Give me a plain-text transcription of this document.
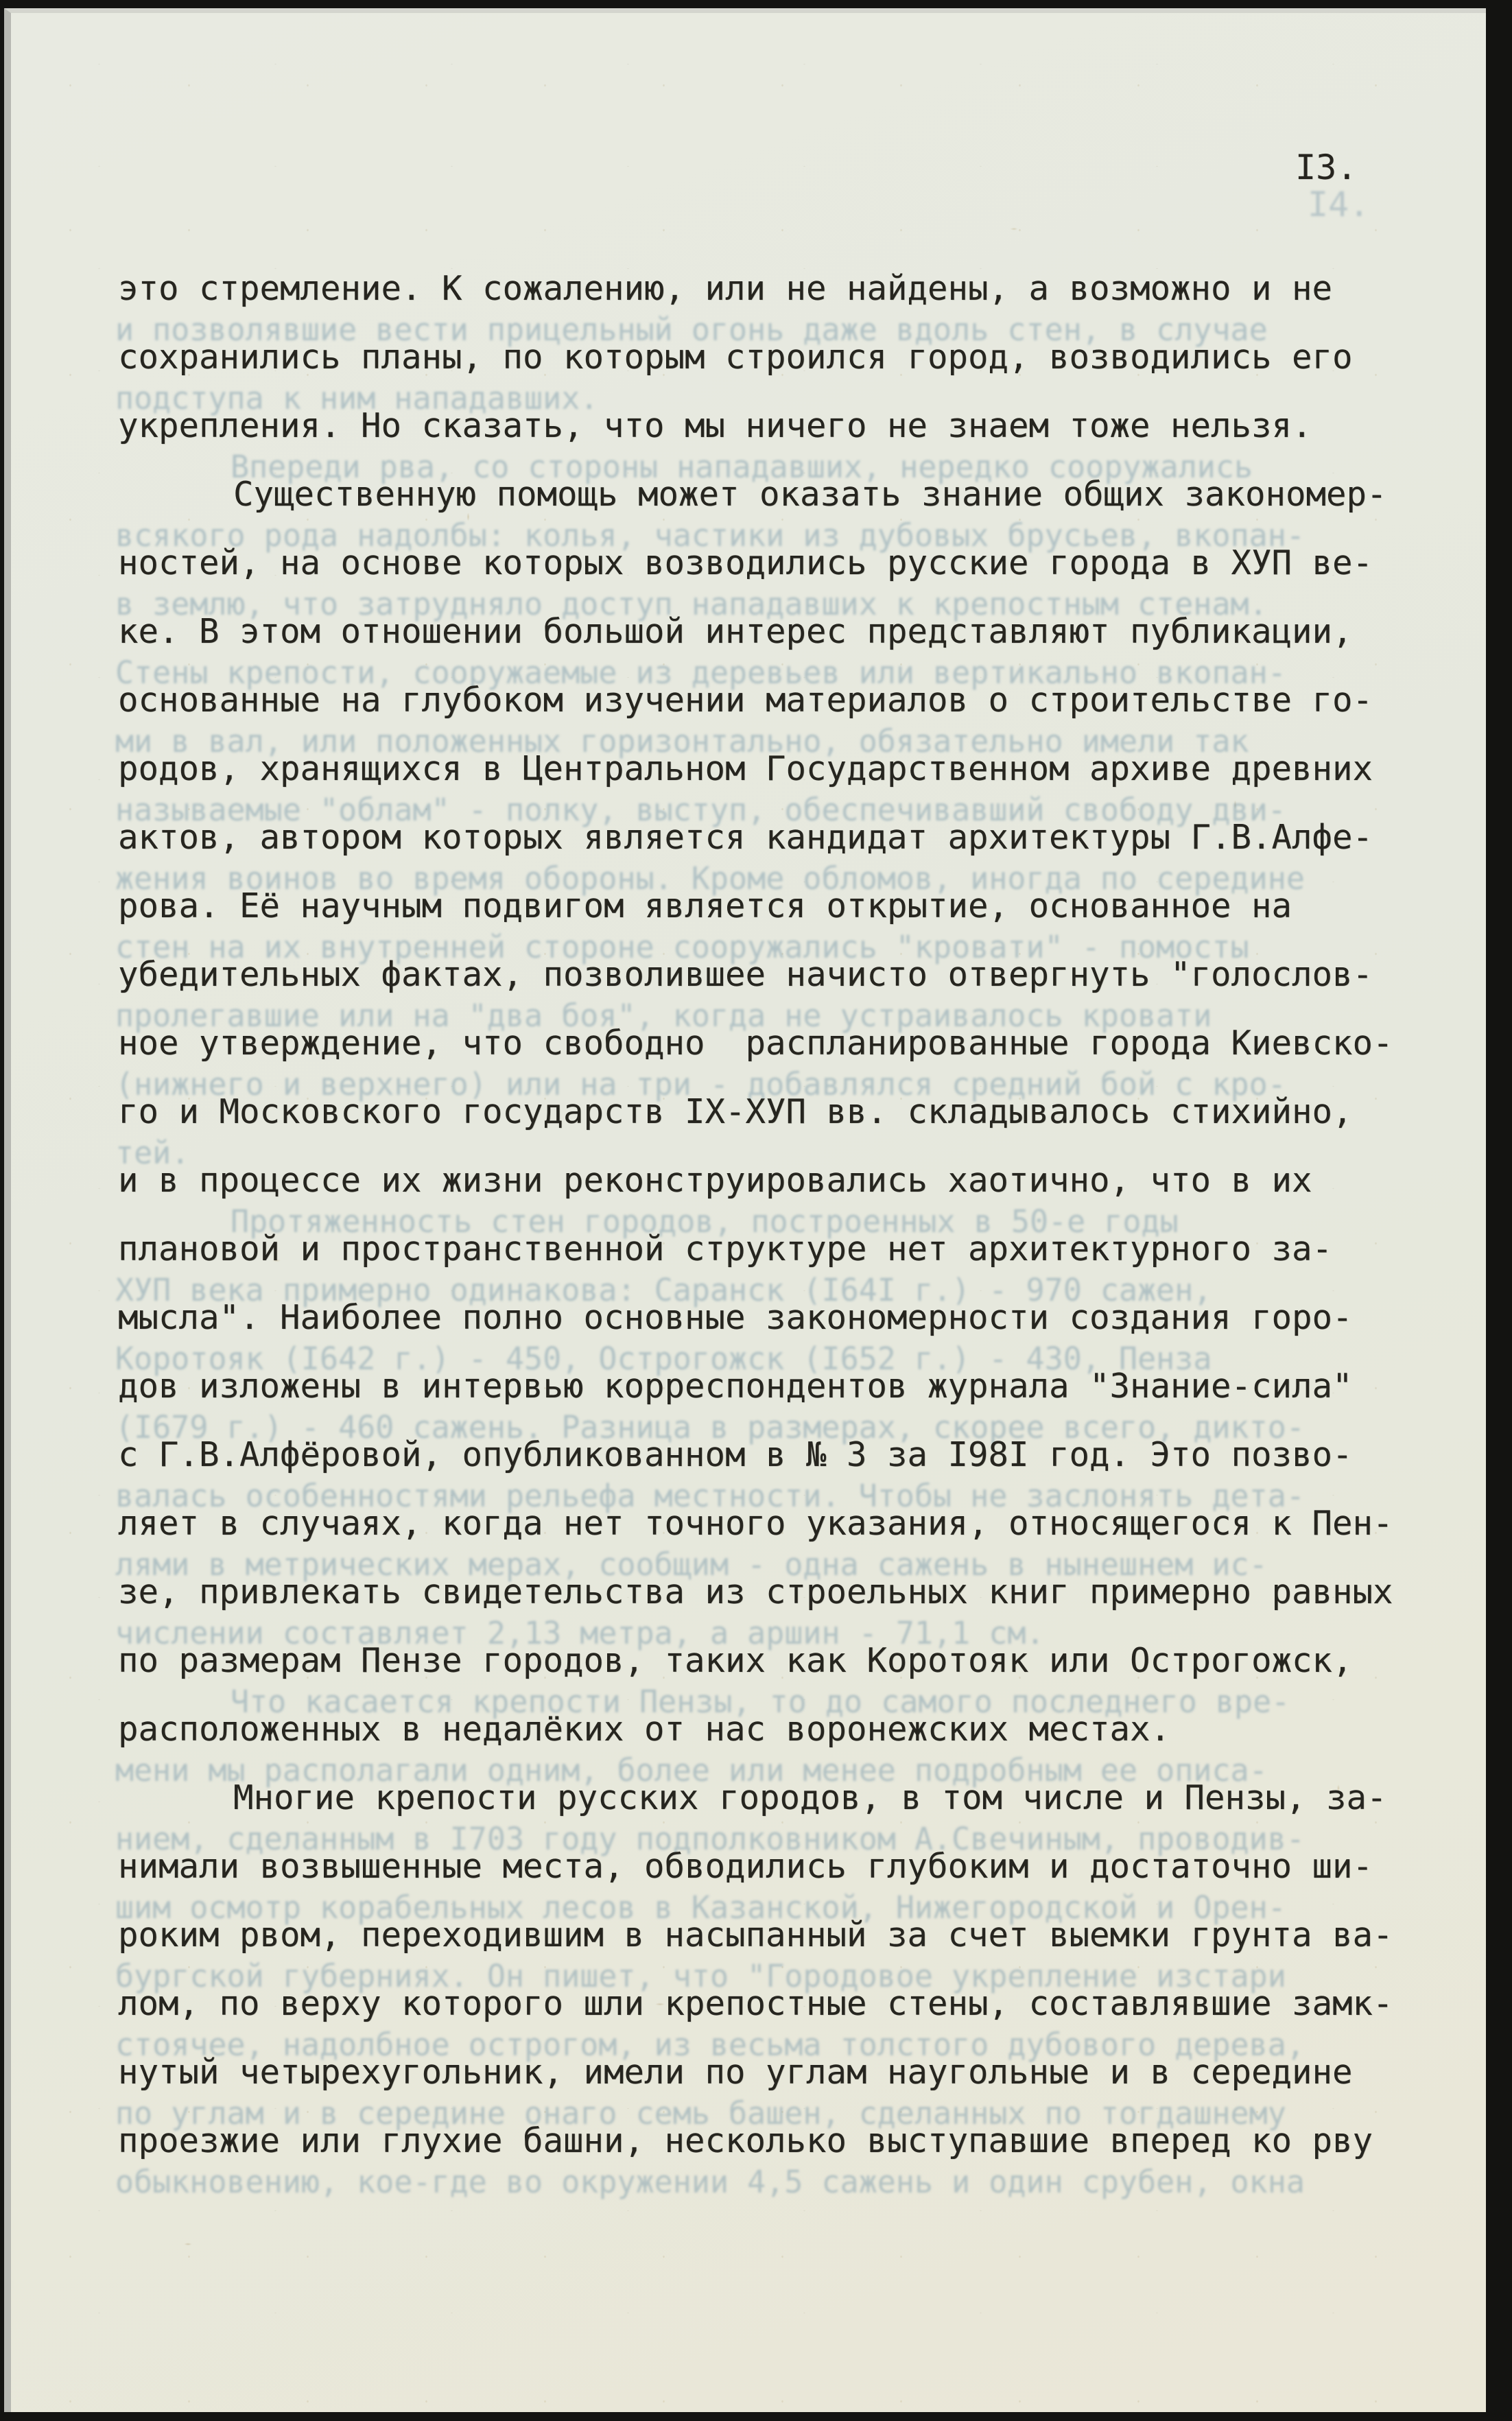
и позволявшие вести прицельный огонь даже вдоль стен, в случае
подступа к ним нападавших.
Впереди рва, со стороны нападавших, нередко сооружались
всякого рода надолбы: колья, частики из дубовых брусьев, вкопан-
в землю, что затрудняло доступ нападавших к крепостным стенам.
Стены крепости, сооружаемые из деревьев или вертикально вкопан-
ми в вал, или положенных горизонтально, обязательно имели так
называемые "облам" - полку, выступ, обеспечивавший свободу дви-
жения воинов во время обороны. Кроме обломов, иногда по середине
стен на их внутренней стороне сооружались "кровати" - помосты
пролегавшие или на "два боя", когда не устраивалось кровати
(нижнего и верхнего) или на три - добавлялся средний бой с кро-
тей.
Протяженность стен городов, построенных в 50-е годы
ХУП века примерно одинакова: Саранск (I64I г.) - 970 сажен,
Коротояк (I642 г.) - 450, Острогожск (I652 г.) - 430, Пенза
(I679 г.) - 460 сажень. Разница в размерах, скорее всего, дикто-
валась особенностями рельефа местности. Чтобы не заслонять дета-
лями в метрических мерах, сообщим - одна сажень в нынешнем ис-
числении составляет 2,13 метра, а аршин - 71,1 см.
Что касается крепости Пензы, то до самого последнего вре-
мени мы располагали одним, более или менее подробным ее описа-
нием, сделанным в I703 году подполковником А.Свечиным, проводив-
шим осмотр корабельных лесов в Казанской, Нижегородской и Орен-
бургской губерниях. Он пишет, что "Городовое укрепление изстари
стоячее, надолбное острогом, из весьма толстого дубового дерева,
по углам и в середине онаго семь башен, сделанных по тогдашнему
обыкновению, кое-где во окружении 4,5 сажень и один срубен, окна
I4.
I3.
это стремление. К сожалению, или не найдены, а возможно и не
сохранились планы, по которым строился город, возводились его
укрепления. Но сказать, что мы ничего не знаем тоже нельзя.
Существенную помощь может оказать знание общих закономер-
ностей, на основе которых возводились русские города в ХУП ве-
ке. В этом отношении большой интерес представляют публикации,
основанные на глубоком изучении материалов о строительстве го-
родов, хранящихся в Центральном Государственном архиве древних
актов, автором которых является кандидат архитектуры Г.В.Алфе-
рова. Её научным подвигом является открытие, основанное на
убедительных фактах, позволившее начисто отвергнуть "голослов-
ное утверждение, что свободно  распланированные города Киевско-
го и Московского государств IX-ХУП вв. складывалось стихийно,
и в процессе их жизни реконструировались хаотично, что в их
плановой и пространственной структуре нет архитектурного за-
мысла". Наиболее полно основные закономерности создания горо-
дов изложены в интервью корреспондентов журнала "Знание-сила"
с Г.В.Алфёровой, опубликованном в № 3 за I98I год. Это позво-
ляет в случаях, когда нет точного указания, относящегося к Пен-
зе, привлекать свидетельства из строельных книг примерно равных
по размерам Пензе городов, таких как Коротояк или Острогожск,
расположенных в недалёких от нас воронежских местах.
Многие крепости русских городов, в том числе и Пензы, за-
нимали возвышенные места, обводились глубоким и достаточно ши-
роким рвом, переходившим в насыпанный за счет выемки грунта ва-
лом, по верху которого шли крепостные стены, составлявшие замк-
нутый четырехугольник, имели по углам наугольные и в середине
проезжие или глухие башни, несколько выступавшие вперед ко рву
